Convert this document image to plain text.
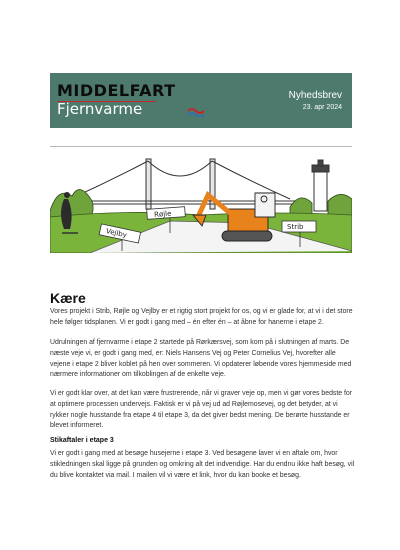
MIDDELFART
Fjernvarme
Nyhedsbrev
23. apr 2024
Røjle
Vejlby
Strib
Kære

Vores projekt i Strib, Røjle og Vejlby er et rigtig stort projekt for os, og vi er glade for, at vi i det store hele følger tidsplanen. Vi er godt i gang med – én efter én – at åbne for hanerne i etape 2.

Udrulningen af fjernvarme i etape 2 startede på Rørkærsvej, som kom på i slutningen af marts. De næste veje vi, er godt i gang med, er: Niels Hansens Vej og Peter Cornelius Vej, hvorefter alle vejene i etape 2 bliver koblet på hen over sommeren. Vi opdaterer løbende vores hjemmeside med nærmere informationer om tilkoblingen af de enkelte veje.

Vi er godt klar over, at det kan være frustrerende, når vi graver veje op, men vi gør vores bedste for at optimere processen undervejs. Faktisk er vi på vej ud ad Røjlemosevej, og det betyder, at vi rykker nogle husstande fra etape 4 til etape 3, da det giver bedst mening. De berørte husstande er blevet informeret.

Stikaftaler i etape 3

Vi er godt i gang med at besøge husejerne i etape 3. Ved besøgene laver vi en aftale om, hvor stikledningen skal ligge på grunden og omkring alt det indvendige. Har du endnu ikke haft besøg, vil du blive kontaktet via mail. I mailen vil vi være et link, hvor du kan booke et besøg.
